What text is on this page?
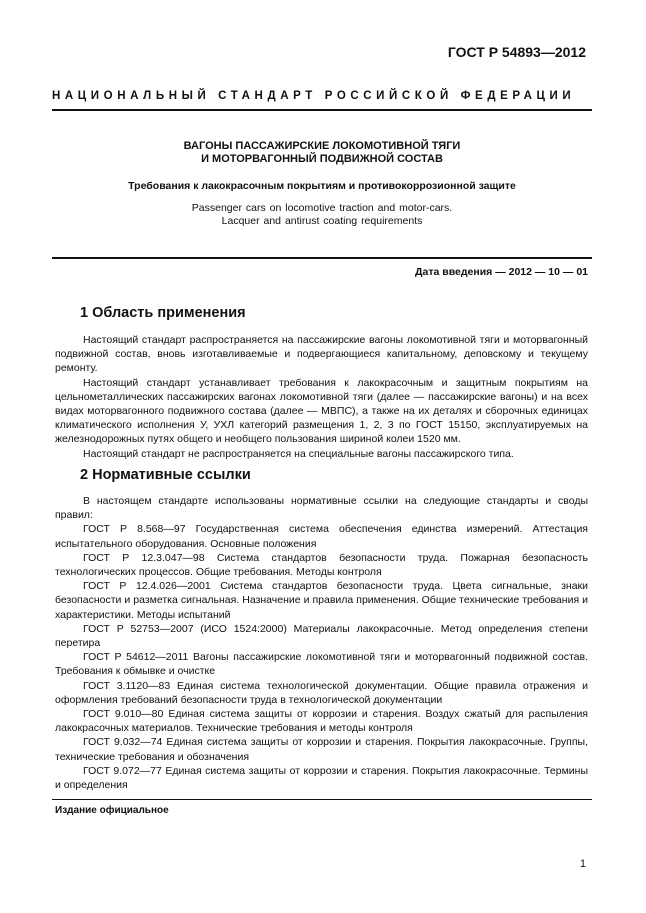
ГОСТ Р 54893—2012
НАЦИОНАЛЬНЫЙ СТАНДАРТ РОССИЙСКОЙ ФЕДЕРАЦИИ
ВАГОНЫ ПАССАЖИРСКИЕ ЛОКОМОТИВНОЙ ТЯГИ
И МОТОРВАГОННЫЙ ПОДВИЖНОЙ СОСТАВ
Требования к лакокрасочным покрытиям и противокоррозионной защите
Passenger cars on locomotive traction and motor-cars.
Lacquer and antirust coating requirements
Дата введения — 2012 — 10 — 01
1 Область применения

Настоящий стандарт распространяется на пассажирские вагоны локомотивной тяги и моторвагонный подвижной состав, вновь изготавливаемые и подвергающиеся капитальному, деповскому и текущему ремонту.

Настоящий стандарт устанавливает требования к лакокрасочным и защитным покрытиям на цельнометаллических пассажирских вагонах локомотивной тяги (далее — пассажирские вагоны) и на всех видах моторвагонного подвижного состава (далее — МВПС), а также на их деталях и сборочных единицах климатического исполнения У, УХЛ категорий размещения 1, 2, 3 по ГОСТ 15150, эксплуатируемых на железнодорожных путях общего и необщего пользования шириной колеи 1520 мм.

Настоящий стандарт не распространяется на специальные вагоны пассажирского типа.

2 Нормативные ссылки

В настоящем стандарте использованы нормативные ссылки на следующие стандарты и своды правил:

ГОСТ Р 8.568—97 Государственная система обеспечения единства измерений. Аттестация испытательного оборудования. Основные положения

ГОСТ Р 12.3.047—98 Система стандартов безопасности труда. Пожарная безопасность технологических процессов. Общие требования. Методы контроля

ГОСТ Р 12.4.026—2001 Система стандартов безопасности труда. Цвета сигнальные, знаки безопасности и разметка сигнальная. Назначение и правила применения. Общие технические требования и характеристики. Методы испытаний

ГОСТ Р 52753—2007 (ИСО 1524:2000) Материалы лакокрасочные. Метод определения степени перетира

ГОСТ Р 54612—2011 Вагоны пассажирские локомотивной тяги и моторвагонный подвижной состав. Требования к обмывке и очистке

ГОСТ 3.1120—83 Единая система технологической документации. Общие правила отражения и оформления требований безопасности труда в технологической документации

ГОСТ 9.010—80 Единая система защиты от коррозии и старения. Воздух сжатый для распыления лакокрасочных материалов. Технические требования и методы контроля

ГОСТ 9.032—74 Единая система защиты от коррозии и старения. Покрытия лакокрасочные. Группы, технические требования и обозначения

ГОСТ 9.072—77 Единая система защиты от коррозии и старения. Покрытия лакокрасочные. Термины и определения

Издание официальное
1
